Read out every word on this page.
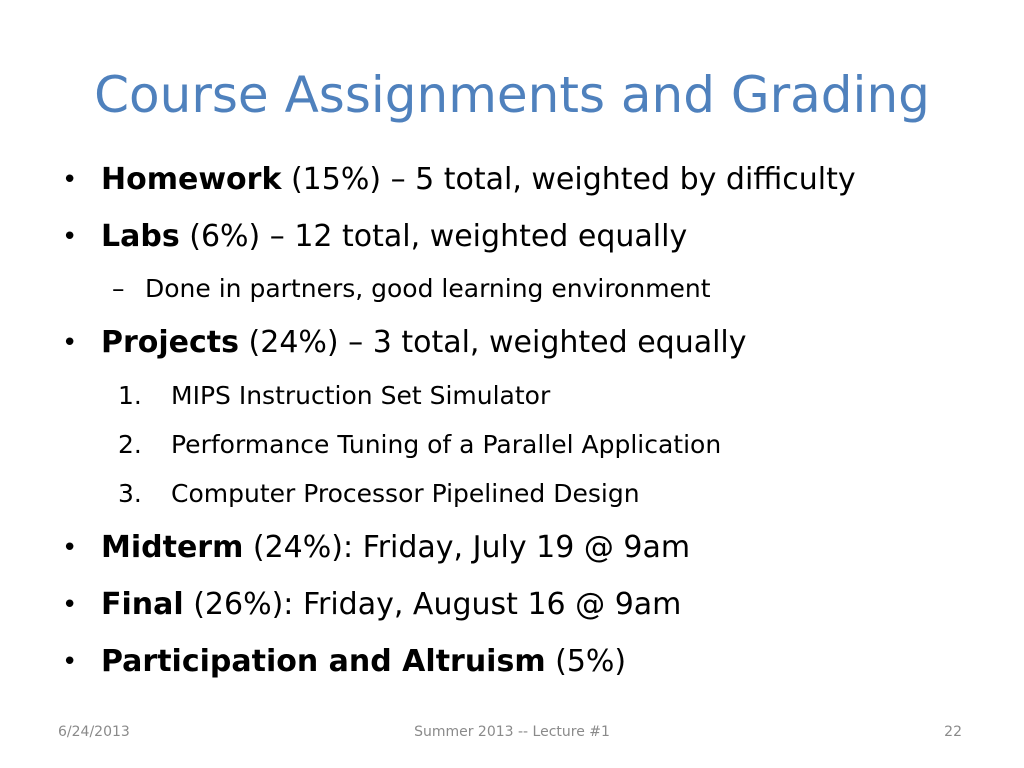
Course Assignments and Grading
• Homework (15%) – 5 total, weighted by difficulty
• Labs (6%) – 12 total, weighted equally
– Done in partners, good learning environment
• Projects (24%) – 3 total, weighted equally
1. MIPS Instruction Set Simulator
2. Performance Tuning of a Parallel Application
3. Computer Processor Pipelined Design
• Midterm (24%): Friday, July 19 @ 9am
• Final (26%): Friday, August 16 @ 9am
• Participation and Altruism (5%)
6/24/2013	Summer 2013 -- Lecture #1	22
